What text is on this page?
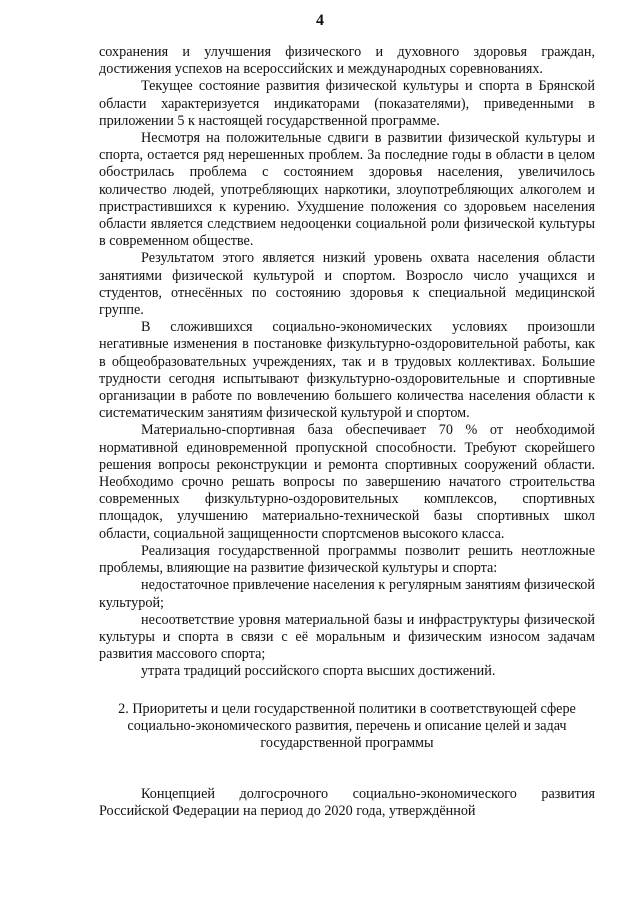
4

сохранения и улучшения физического и духовного здоровья граждан, достижения успехов на всероссийских и международных соревнованиях.

Текущее состояние развития физической культуры и спорта в Брянской области характеризуется индикаторами (показателями), приведенными в приложении 5 к настоящей государственной программе.

Несмотря на положительные сдвиги в развитии физической культуры и спорта, остается ряд нерешенных проблем. За последние годы в области в целом обострилась проблема с состоянием здоровья населения, увеличилось количество людей, употребляющих наркотики, злоупотребляющих алкоголем и пристрастившихся к курению. Ухудшение положения со здоровьем населения области является следствием недооценки социальной роли физической культуры в современном обществе.

Результатом этого является низкий уровень охвата населения области занятиями физической культурой и спортом. Возросло число учащихся и студентов, отнесённых по состоянию здоровья к специальной медицинской группе.

В сложившихся социально-экономических условиях произошли негативные изменения в постановке физкультурно-оздоровительной работы, как в общеобразовательных учреждениях, так и в трудовых коллективах. Большие трудности сегодня испытывают физкультурно-оздоровительные и спортивные организации в работе по вовлечению большего количества населения области к систематическим занятиям физической культурой и спортом.

Материально-спортивная база обеспечивает 70 % от необходимой нормативной единовременной пропускной способности. Требуют скорейшего решения вопросы реконструкции и ремонта спортивных сооружений области. Необходимо срочно решать вопросы по завершению начатого строительства современных физкультурно-оздоровительных комплексов, спортивных площадок, улучшению материально-технической базы спортивных школ области, социальной защищенности спортсменов высокого класса.

Реализация государственной программы позволит решить неотложные проблемы, влияющие на развитие физической культуры и спорта:

недостаточное привлечение населения к регулярным занятиям физической культурой;

несоответствие уровня материальной базы и инфраструктуры физической культуры и спорта в связи с её моральным и физическим износом задачам развития массового спорта;

утрата традиций российского спорта высших достижений.

2. Приоритеты и цели государственной политики в соответствующей сфере социально-экономического развития, перечень и описание целей и задач государственной программы

Концепцией долгосрочного социально-экономического развития Российской Федерации на период до 2020 года, утверждённой
